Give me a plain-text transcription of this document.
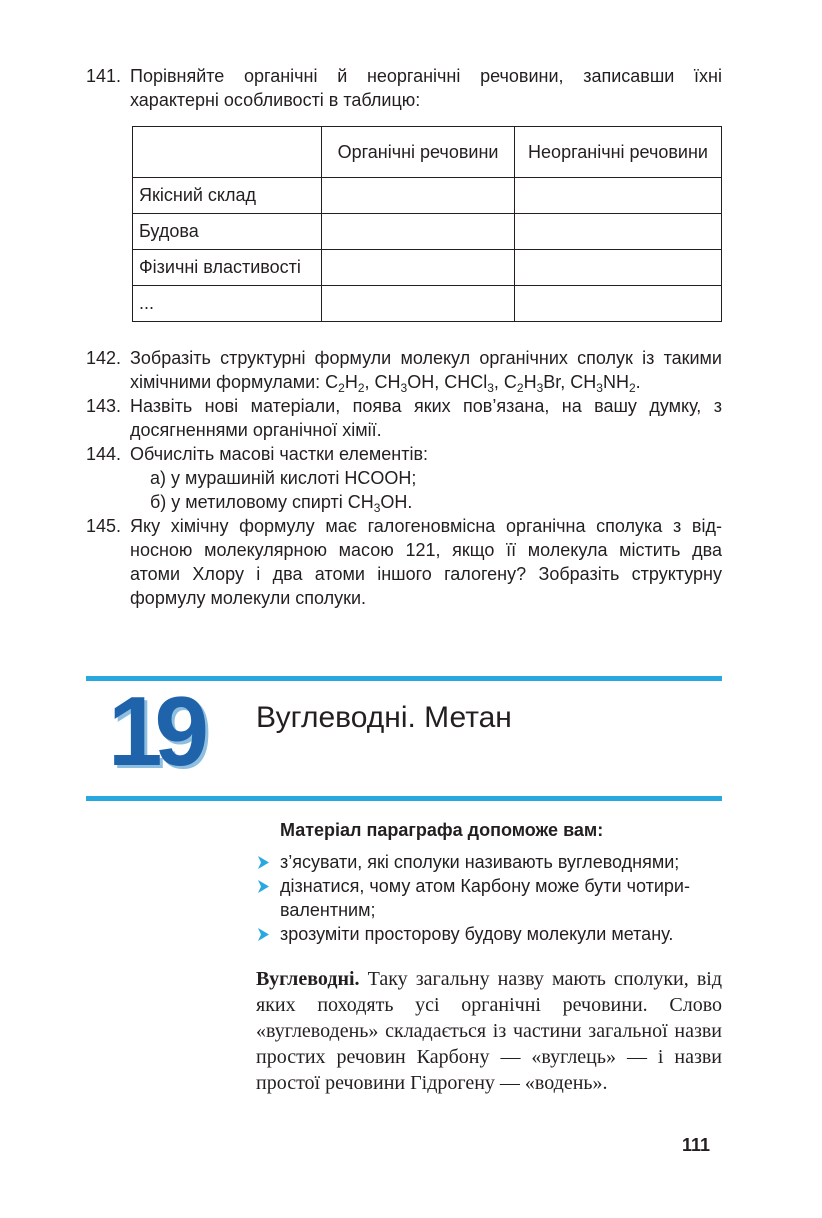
141. Порівняйте органічні й неорганічні речовини, записавши їхні характерні особливості в таблицю:
	Органічні речовини	Неорганічні речовини
Якісний склад		
Будова		
Фізичні властивості		
...		
142. Зобразіть структурні формули молекул органічних сполук із такими хімічними формулами: $C_2H_2$, $CH_3OH$, CHCl$_3$, $C_2H_3Br$, $CH_3NH_2$.
143. Назвіть нові матеріали, поява яких пов’язана, на вашу думку, з досягненнями органічної хімії.
144. Обчисліть масові частки елементів:
а) у мурашиній кислоті HCOOH;
б) у метиловому спирті $CH_3OH$.
145. Яку хімічну формулу має галогеновмісна органічна сполука з відносною молекулярною масою 121, якщо її молекула містить два атоми Хлору і два атоми іншого галогену? Зобразіть структурну формулу молекули сполуки.
19 Вуглеводні. Метан
Матеріал параграфа допоможе вам:
з’ясувати, які сполуки називають вуглеводнями;
дізнатися, чому атом Карбону може бути чотиривалентним;
зрозуміти просторову будову молекули метану.
Вуглеводні. Таку загальну назву мають сполуки, від яких походять усі органічні речовини. Слово «вуглеводень» складається із частини загальної назви простих речовин Карбону — «вуглець» — і назви простої речовини Гідрогену — «водень».
111
